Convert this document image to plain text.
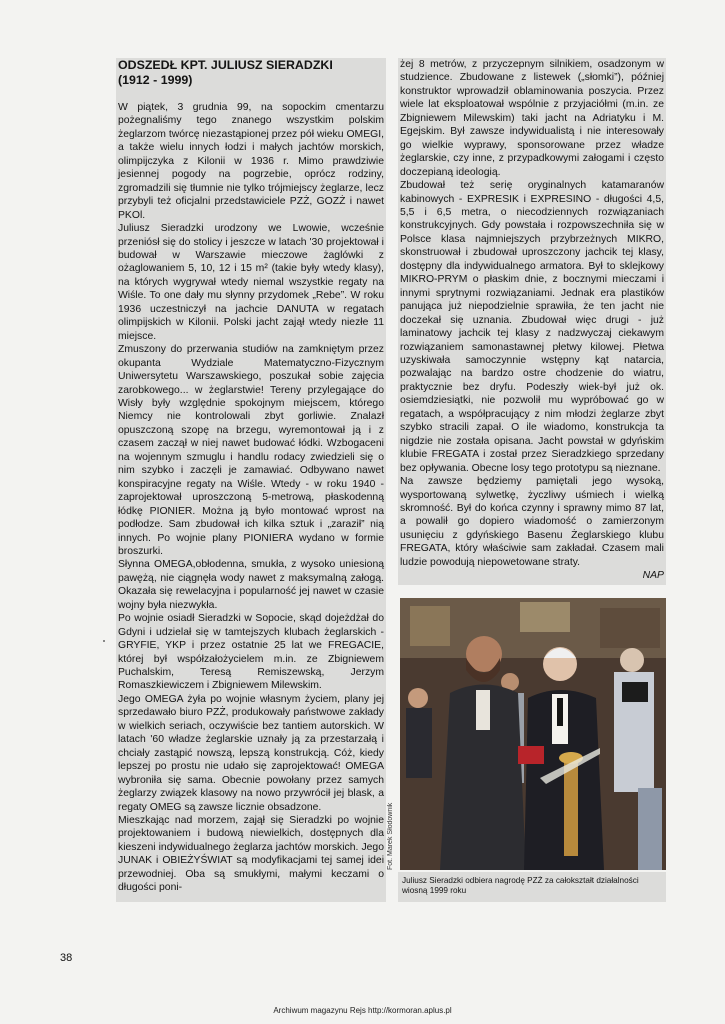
ODSZEDŁ KPT. JULIUSZ SIERADZKI
(1912 - 1999)

W piątek, 3 grudnia 99, na sopockim cmentarzu pożegnaliśmy tego znanego wszystkim polskim żeglarzom twórcę niezastąpionej przez pół wieku OMEGI, a także wielu innych łodzi i małych jachtów morskich, olimpijczyka z Kilonii w 1936 r. Mimo prawdziwie jesiennej pogody na pogrzebie, oprócz rodziny, zgromadzili się tłumnie nie tylko trójmiejscy żeglarze, lecz przybyli też oficjalni przedstawiciele PZŻ, GOZŻ i nawet PKOl.

Juliusz Sieradzki urodzony we Lwowie, wcześnie przeniósł się do stolicy i jeszcze w latach '30 projektował i budował w Warszawie mieczowe żaglówki z ożaglowaniem 5, 10, 12 i 15 m² (takie były wtedy klasy), na których wygrywał wtedy niemal wszystkie regaty na Wiśle. To one dały mu słynny przydomek „Rebe”. W roku 1936 uczestniczył na jachcie DANUTA w regatach olimpijskich w Kilonii. Polski jacht zajął wtedy niezłe 11 miejsce.

Zmuszony do przerwania studiów na zamkniętym przez okupanta Wydziale Matematyczno-Fizycznym Uniwersytetu Warszawskiego, poszukał sobie zajęcia zarobkowego... w żeglarstwie! Tereny przylegające do Wisły były względnie spokojnym miejscem, którego Niemcy nie kontrolowali zbyt gorliwie. Znalazł opuszczoną szopę na brzegu, wyremontował ją i z czasem zaczął w niej nawet budować łódki. Wzbogaceni na wojennym szmuglu i handlu rodacy zwiedzieli się o nim szybko i zaczęli je zamawiać. Odbywano nawet konspiracyjne regaty na Wiśle. Wtedy - w roku 1940 - zaprojektował uproszczoną 5-metrową, płaskodenną łódkę PIONIER. Można ją było montować wprost na podłodze. Sam zbudował ich kilka sztuk i „zaraził” nią innych. Po wojnie plany PIONIERA wydano w formie broszurki.

Słynna OMEGA,obłodenna, smukła, z wysoko uniesioną pawężą, nie ciągnęła wody nawet z maksymalną załogą. Okazała się rewelacyjna i popularność jej nawet w czasie wojny była niezwykła.

Po wojnie osiadł Sieradzki w Sopocie, skąd dojeżdżał do Gdyni i udzielał się w tamtejszych klubach żeglarskich - GRYFIE, YKP i przez ostatnie 25 lat we FREGACIE, której był współzałożycielem m.in. ze Zbigniewem Puchalskim, Teresą Remiszewską, Jerzym Romaszkiewiczem i Zbigniewem Milewskim.

Jego OMEGA żyła po wojnie własnym życiem, plany jej sprzedawało biuro PZŻ, produkowały państwowe zakłady w wielkich seriach, oczywiście bez tantiem autorskich. W latach '60 władze żeglarskie uznały ją za przestarzałą i chciały zastąpić nowszą, lepszą konstrukcją. Cóż, kiedy lepszej po prostu nie udało się zaprojektować! OMEGA wybroniła się sama. Obecnie powołany przez samych żeglarzy związek klasowy na nowo przywrócił jej blask, a regaty OMEG są zawsze licznie obsadzone.

Mieszkając nad morzem, zajął się Sieradzki po wojnie projektowaniem i budową niewielkich, dostępnych dla kieszeni indywidualnego żeglarza jachtów morskich. Jego JUNAK i OBIEŻYŚWIAT są modyfikacjami tej samej idei przewodniej. Oba są smukłymi, małymi keczami o długości poni-

żej 8 metrów, z przyczepnym silnikiem, osadzonym w studzience. Zbudowane z listewek („słomki”), później konstruktor wprowadził oblaminowania poszycia. Przez wiele lat eksploatował wspólnie z przyjaciółmi (m.in. ze Zbigniewem Milewskim) taki jacht na Adriatyku i M. Egejskim. Był zawsze indywidualistą i nie interesowały go wielkie wyprawy, sponsorowane przez władze żeglarskie, czy inne, z przypadkowymi załogami i często doczepianą ideologią.

Zbudował też serię oryginalnych katamaranów kabinowych - EXPRESIK i EXPRESINO - długości 4,5, 5,5 i 6,5 metra, o niecodziennych rozwiązaniach konstrukcyjnych. Gdy powstała i rozpowszechniła się w Polsce klasa najmniejszych przybrzeżnych MIKRO, skonstruował i zbudował uproszczony jachcik tej klasy, dostępny dla indywidualnego armatora. Był to sklejkowy MIKRO-PRYM o płaskim dnie, z bocznymi mieczami i innymi sprytnymi rozwiązaniami. Jednak era plastików panująca już niepodzielnie sprawiła, że ten jacht nie doczekał się uznania. Zbudował więc drugi - już laminatowy jachcik tej klasy z nadzwyczaj ciekawym rozwiązaniem samonastawnej płetwy kilowej. Płetwa uzyskiwała samoczynnie wstępny kąt natarcia, pozwalając na bardzo ostre chodzenie do wiatru, praktycznie bez dryfu. Podeszły wiek-był już ok. osiemdziesiątki, nie pozwolił mu wypróbować go w regatach, a współpracujący z nim młodzi żeglarze zbyt szybko stracili zapał. O ile wiadomo, konstrukcja ta nigdzie nie została opisana. Jacht powstał w gdyńskim klubie FREGATA i został przez Sieradzkiego sprzedany bez opływania. Obecne losy tego prototypu są nieznane.

Na zawsze będziemy pamiętali jego wysoką, wysportowaną sylwetkę, życzliwy uśmiech i wielką skromność. Był do końca czynny i sprawny mimo 87 lat, a powalił go dopiero wiadomość o zamierzonym usunięciu z gdyńskiego Basenu Żeglarskiego klubu FREGATA, który właściwie sam zakładał. Czasem mali ludzie powodują niepowetowane straty.

NAP

Fot. Marek Słodownik
Juliusz Sieradzki odbiera nagrodę PZŻ za całokształt działalności wiosną 1999 roku
38
Archiwum magazynu Rejs http://kormoran.aplus.pl
